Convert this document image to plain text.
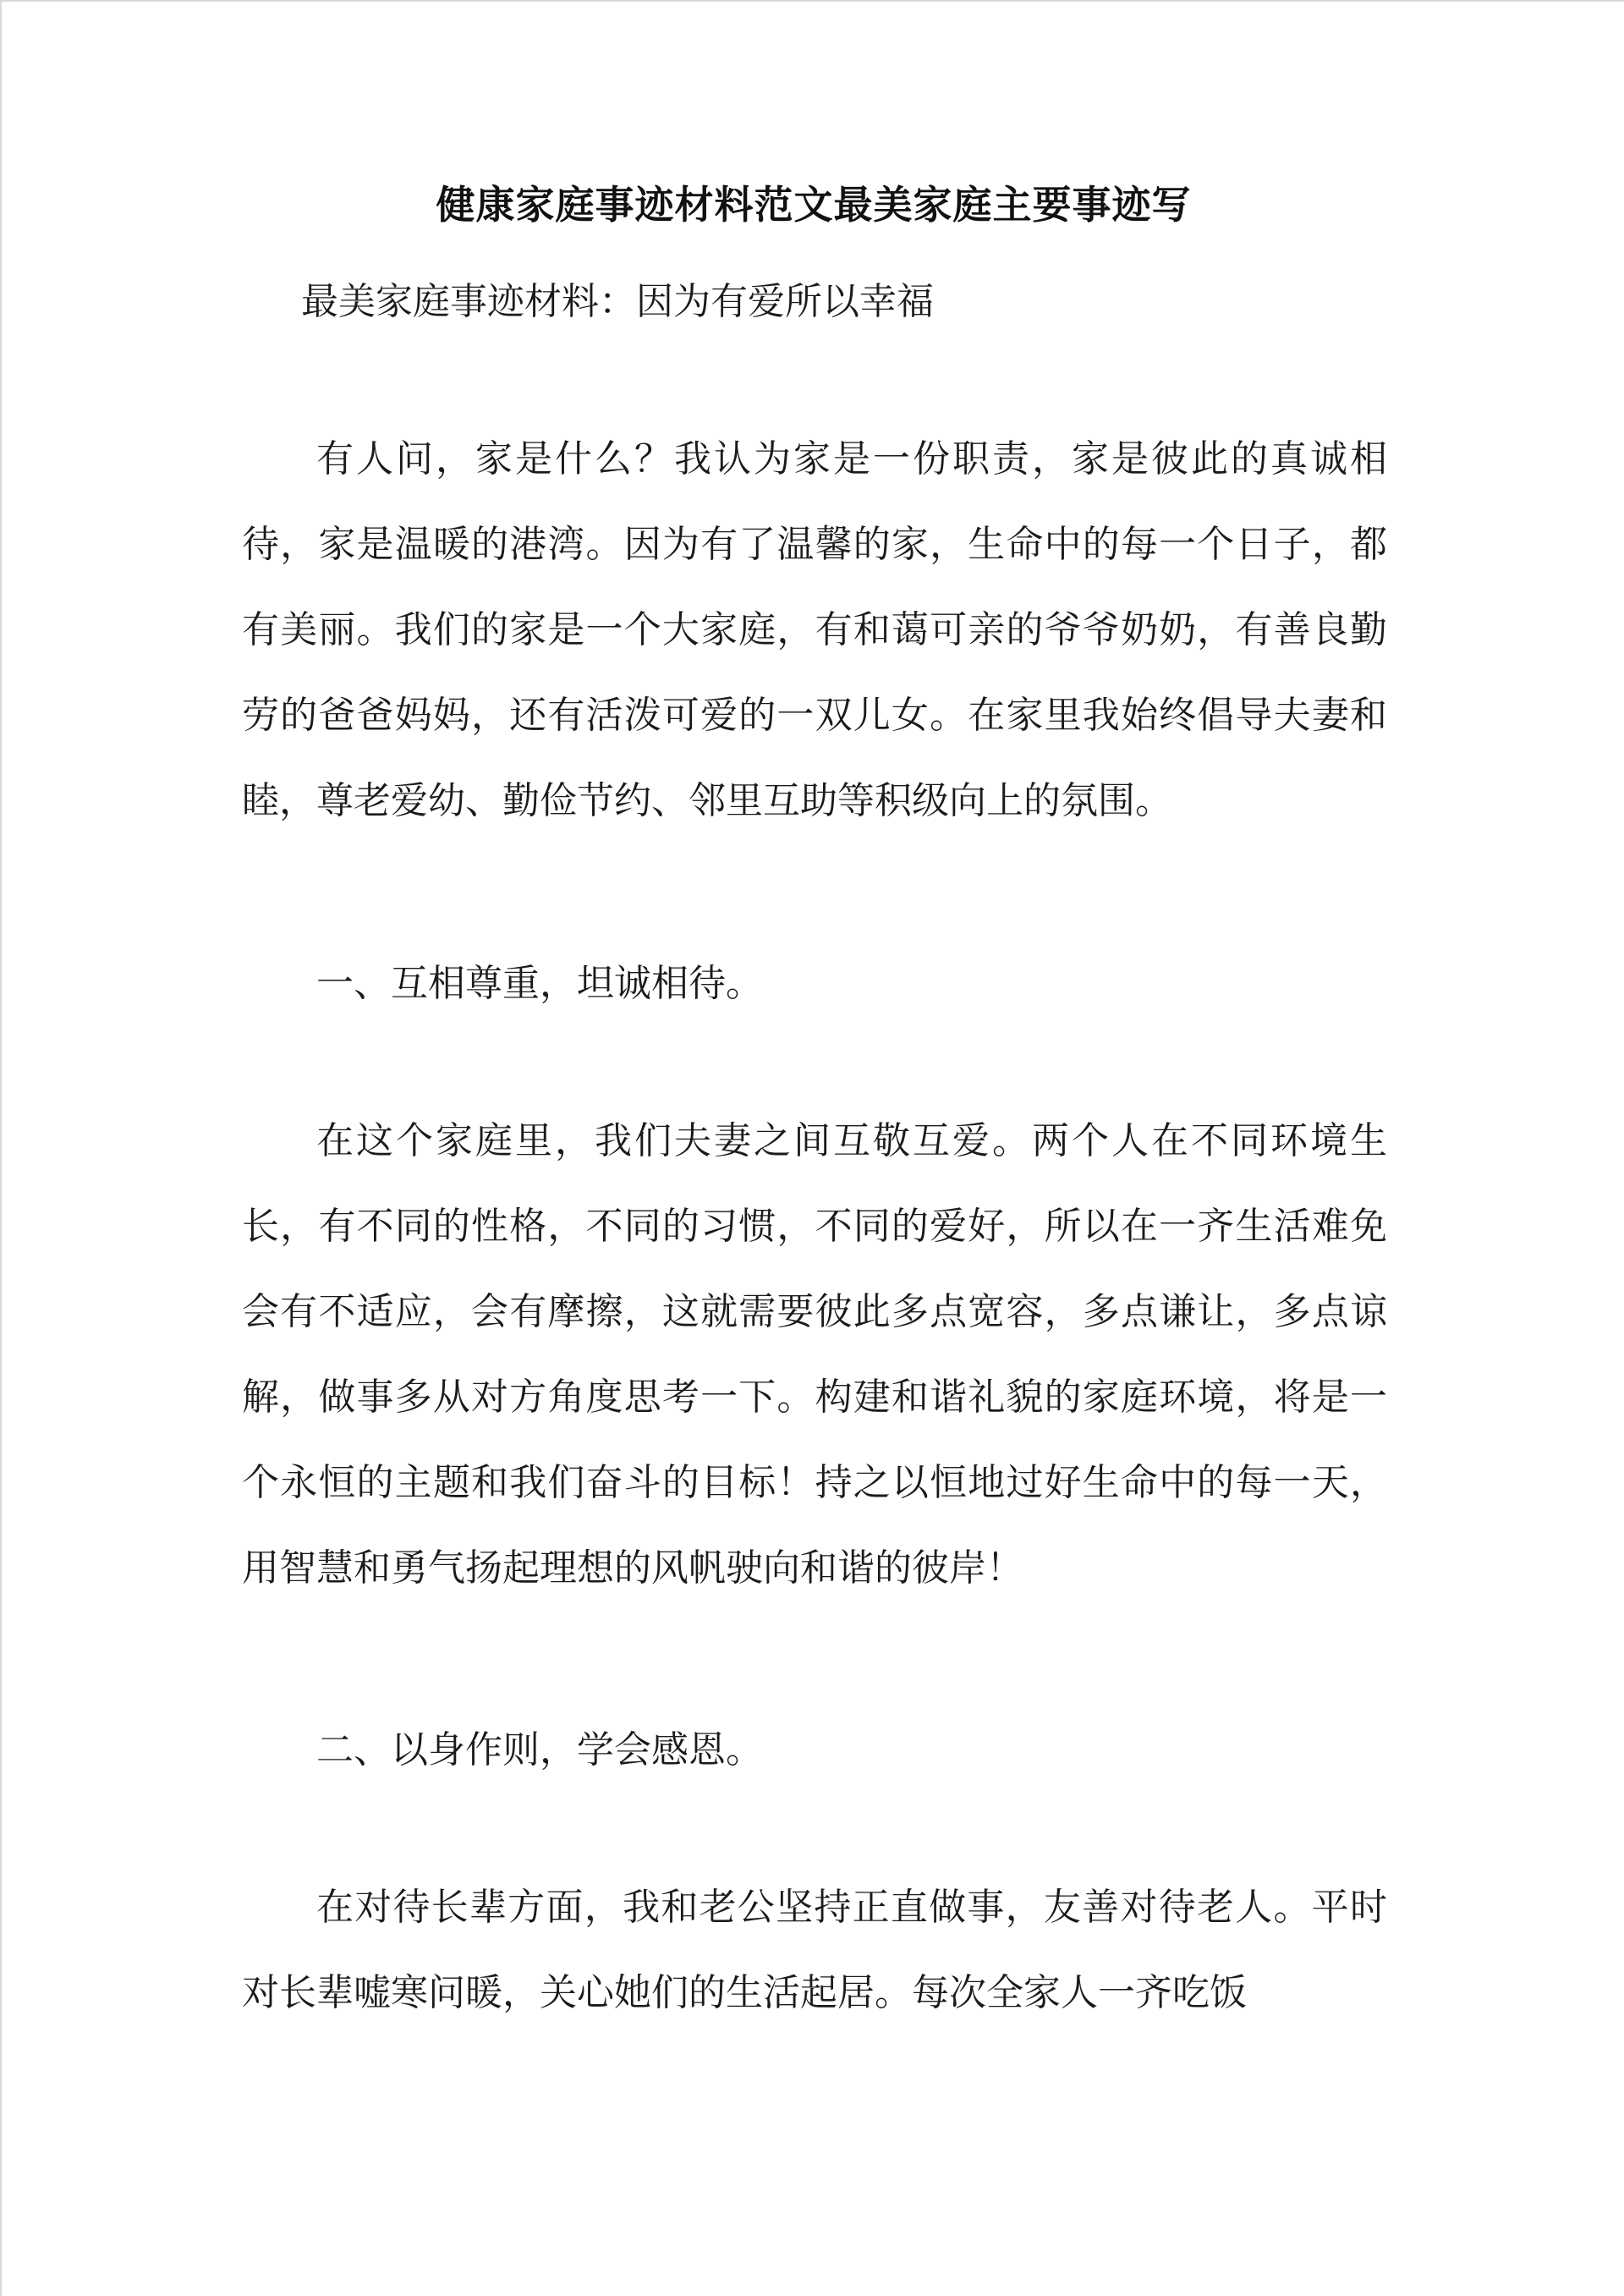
健康家庭事迹材料范文最美家庭主要事迹写
最美家庭事迹材料：因为有爱所以幸福

有人问，家是什么？我认为家是一份职责，家是彼此的真诚相待，家是温暖的港湾。因为有了温馨的家，生命中的每一个日子，都有美丽。我们的家是一个大家庭，有和蔼可亲的爷爷奶奶，有善良勤劳的爸爸妈妈，还有活泼可爱的一双儿女。在家里我始终倡导夫妻和睦，尊老爱幼、勤俭节约、邻里互助等积级向上的氛围。

一、互相尊重，坦诚相待。

在这个家庭里，我们夫妻之间互敬互爱。两个人在不同环境生长，有不同的性格，不同的习惯，不同的爱好，所以在一齐生活难免会有不适应，会有摩擦，这就需要彼此多点宽容，多点谦让，多点谅解，做事多从对方角度思考一下。构建和谐礼貌的家庭环境，将是一个永恒的主题和我们奋斗的目标！持之以恒地过好生命中的每一天，用智慧和勇气扬起理想的风帆驶向和谐的彼岸！

二、以身作则，学会感恩。

在对待长辈方面，我和老公坚持正直做事，友善对待老人。平时对长辈嘘寒问暖，关心她们的生活起居。每次全家人一齐吃饭
